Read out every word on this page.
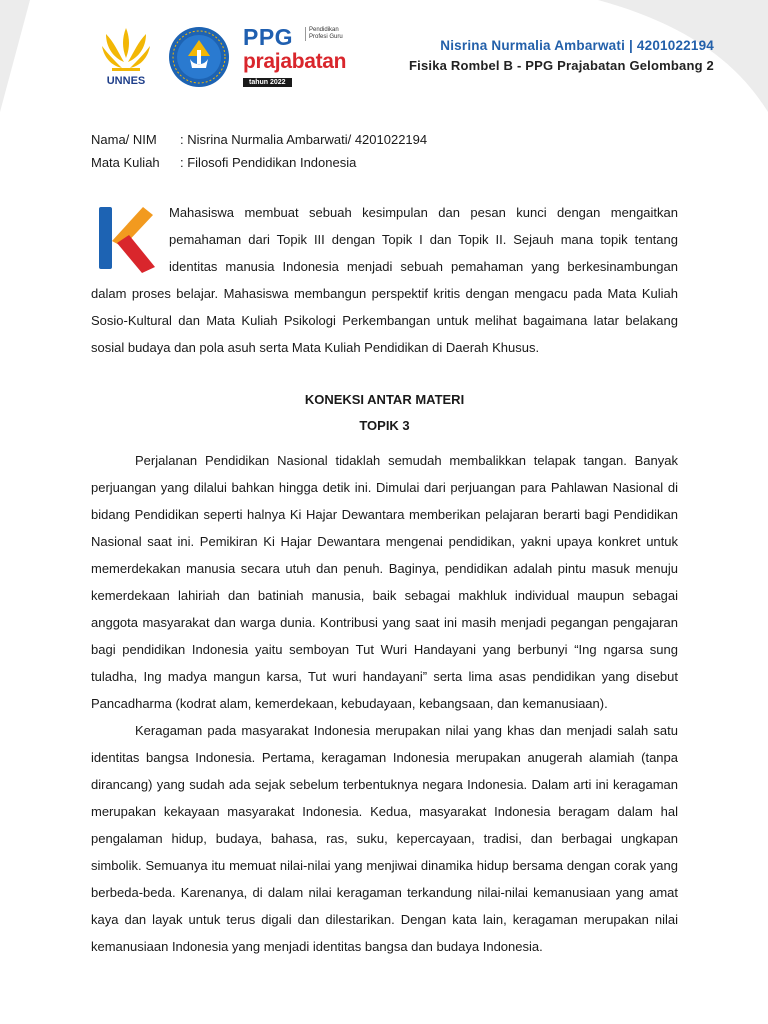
UNNES
PPG	Pendidikan Profesi Guru
prajabatan
tahun 2022
Nisrina Nurmalia Ambarwati | 4201022194
Fisika Rombel B - PPG Prajabatan Gelombang 2
Nama/ NIM	: Nisrina Nurmalia Ambarwati/ 4201022194
Mata Kuliah	: Filosofi Pendidikan Indonesia
K
Mahasiswa membuat sebuah kesimpulan dan pesan kunci dengan mengaitkan pemahaman dari Topik III dengan Topik I dan Topik II. Sejauh mana topik tentang identitas manusia Indonesia menjadi sebuah pemahaman yang berkesinambungan dalam proses belajar. Mahasiswa membangun perspektif kritis dengan mengacu pada Mata Kuliah Sosio-Kultural dan Mata Kuliah Psikologi Perkembangan untuk melihat bagaimana latar belakang sosial budaya dan pola asuh serta Mata Kuliah Pendidikan di Daerah Khusus.
KONEKSI ANTAR MATERI
TOPIK 3

Perjalanan Pendidikan Nasional tidaklah semudah membalikkan telapak tangan. Banyak perjuangan yang dilalui bahkan hingga detik ini. Dimulai dari perjuangan para Pahlawan Nasional di bidang Pendidikan seperti halnya Ki Hajar Dewantara memberikan pelajaran berarti bagi Pendidikan Nasional saat ini. Pemikiran Ki Hajar Dewantara mengenai pendidikan, yakni upaya konkret untuk memerdekakan manusia secara utuh dan penuh. Baginya, pendidikan adalah pintu masuk menuju kemerdekaan lahiriah dan batiniah manusia, baik sebagai makhluk individual maupun sebagai anggota masyarakat dan warga dunia. Kontribusi yang saat ini masih menjadi pegangan pengajaran bagi pendidikan Indonesia yaitu semboyan Tut Wuri Handayani yang berbunyi “Ing ngarsa sung tuladha, Ing madya mangun karsa, Tut wuri handayani” serta lima asas pendidikan yang disebut Pancadharma (kodrat alam, kemerdekaan, kebudayaan, kebangsaan, dan kemanusiaan).

Keragaman pada masyarakat Indonesia merupakan nilai yang khas dan menjadi salah satu identitas bangsa Indonesia. Pertama, keragaman Indonesia merupakan anugerah alamiah (tanpa dirancang) yang sudah ada sejak sebelum terbentuknya negara Indonesia. Dalam arti ini keragaman merupakan kekayaan masyarakat Indonesia. Kedua, masyarakat Indonesia beragam dalam hal pengalaman hidup, budaya, bahasa, ras, suku, kepercayaan, tradisi, dan berbagai ungkapan simbolik. Semuanya itu memuat nilai-nilai yang menjiwai dinamika hidup bersama dengan corak yang berbeda-beda. Karenanya, di dalam nilai keragaman terkandung nilai-nilai kemanusiaan yang amat kaya dan layak untuk terus digali dan dilestarikan. Dengan kata lain, keragaman merupakan nilai kemanusiaan Indonesia yang menjadi identitas bangsa dan budaya Indonesia.
